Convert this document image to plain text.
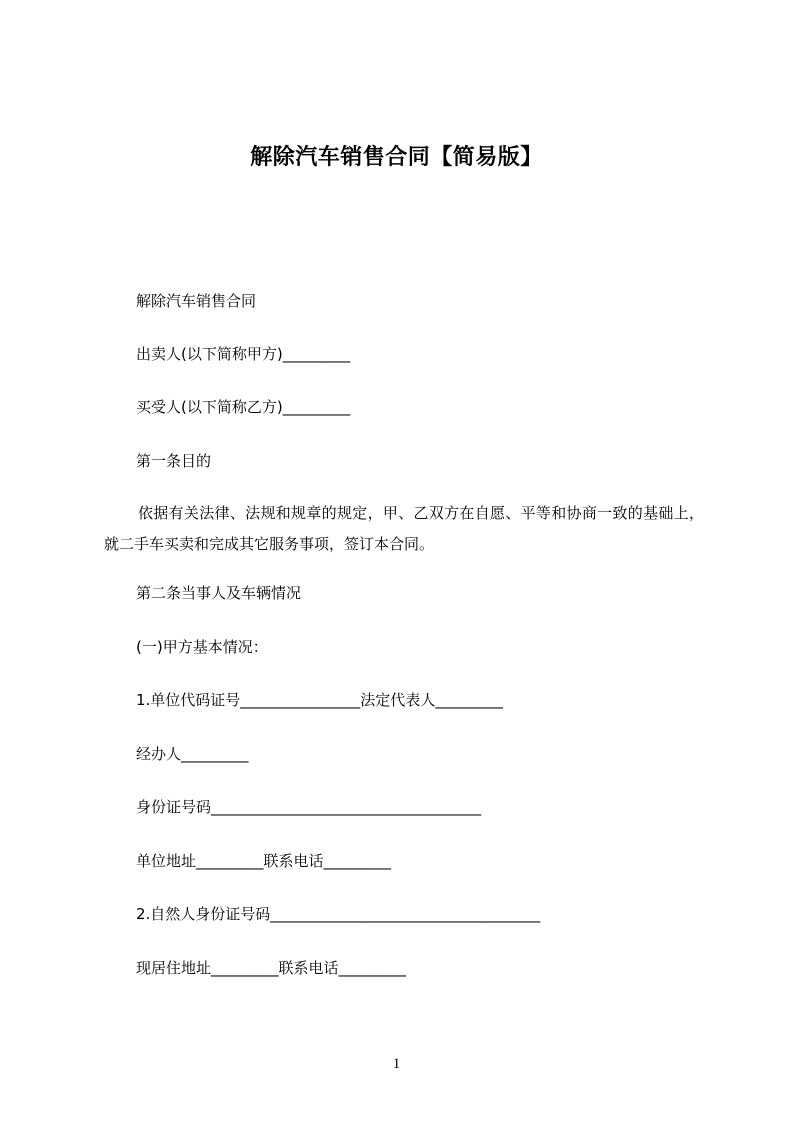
解除汽车销售合同【简易版】

解除汽车销售合同

出卖人(以下简称甲方)_________

买受人(以下简称乙方)_________

第一条目的

依据有关法律、法规和规章的规定，甲、乙双方在自愿、平等和协商一致的基础上，就二手车买卖和完成其它服务事项，签订本合同。

第二条当事人及车辆情况

(一)甲方基本情况：

1.单位代码证号________________法定代表人_________

经办人_________

身份证号码____________________________________

单位地址_________联系电话_________

2.自然人身份证号码____________________________________

现居住地址_________联系电话_________

1
